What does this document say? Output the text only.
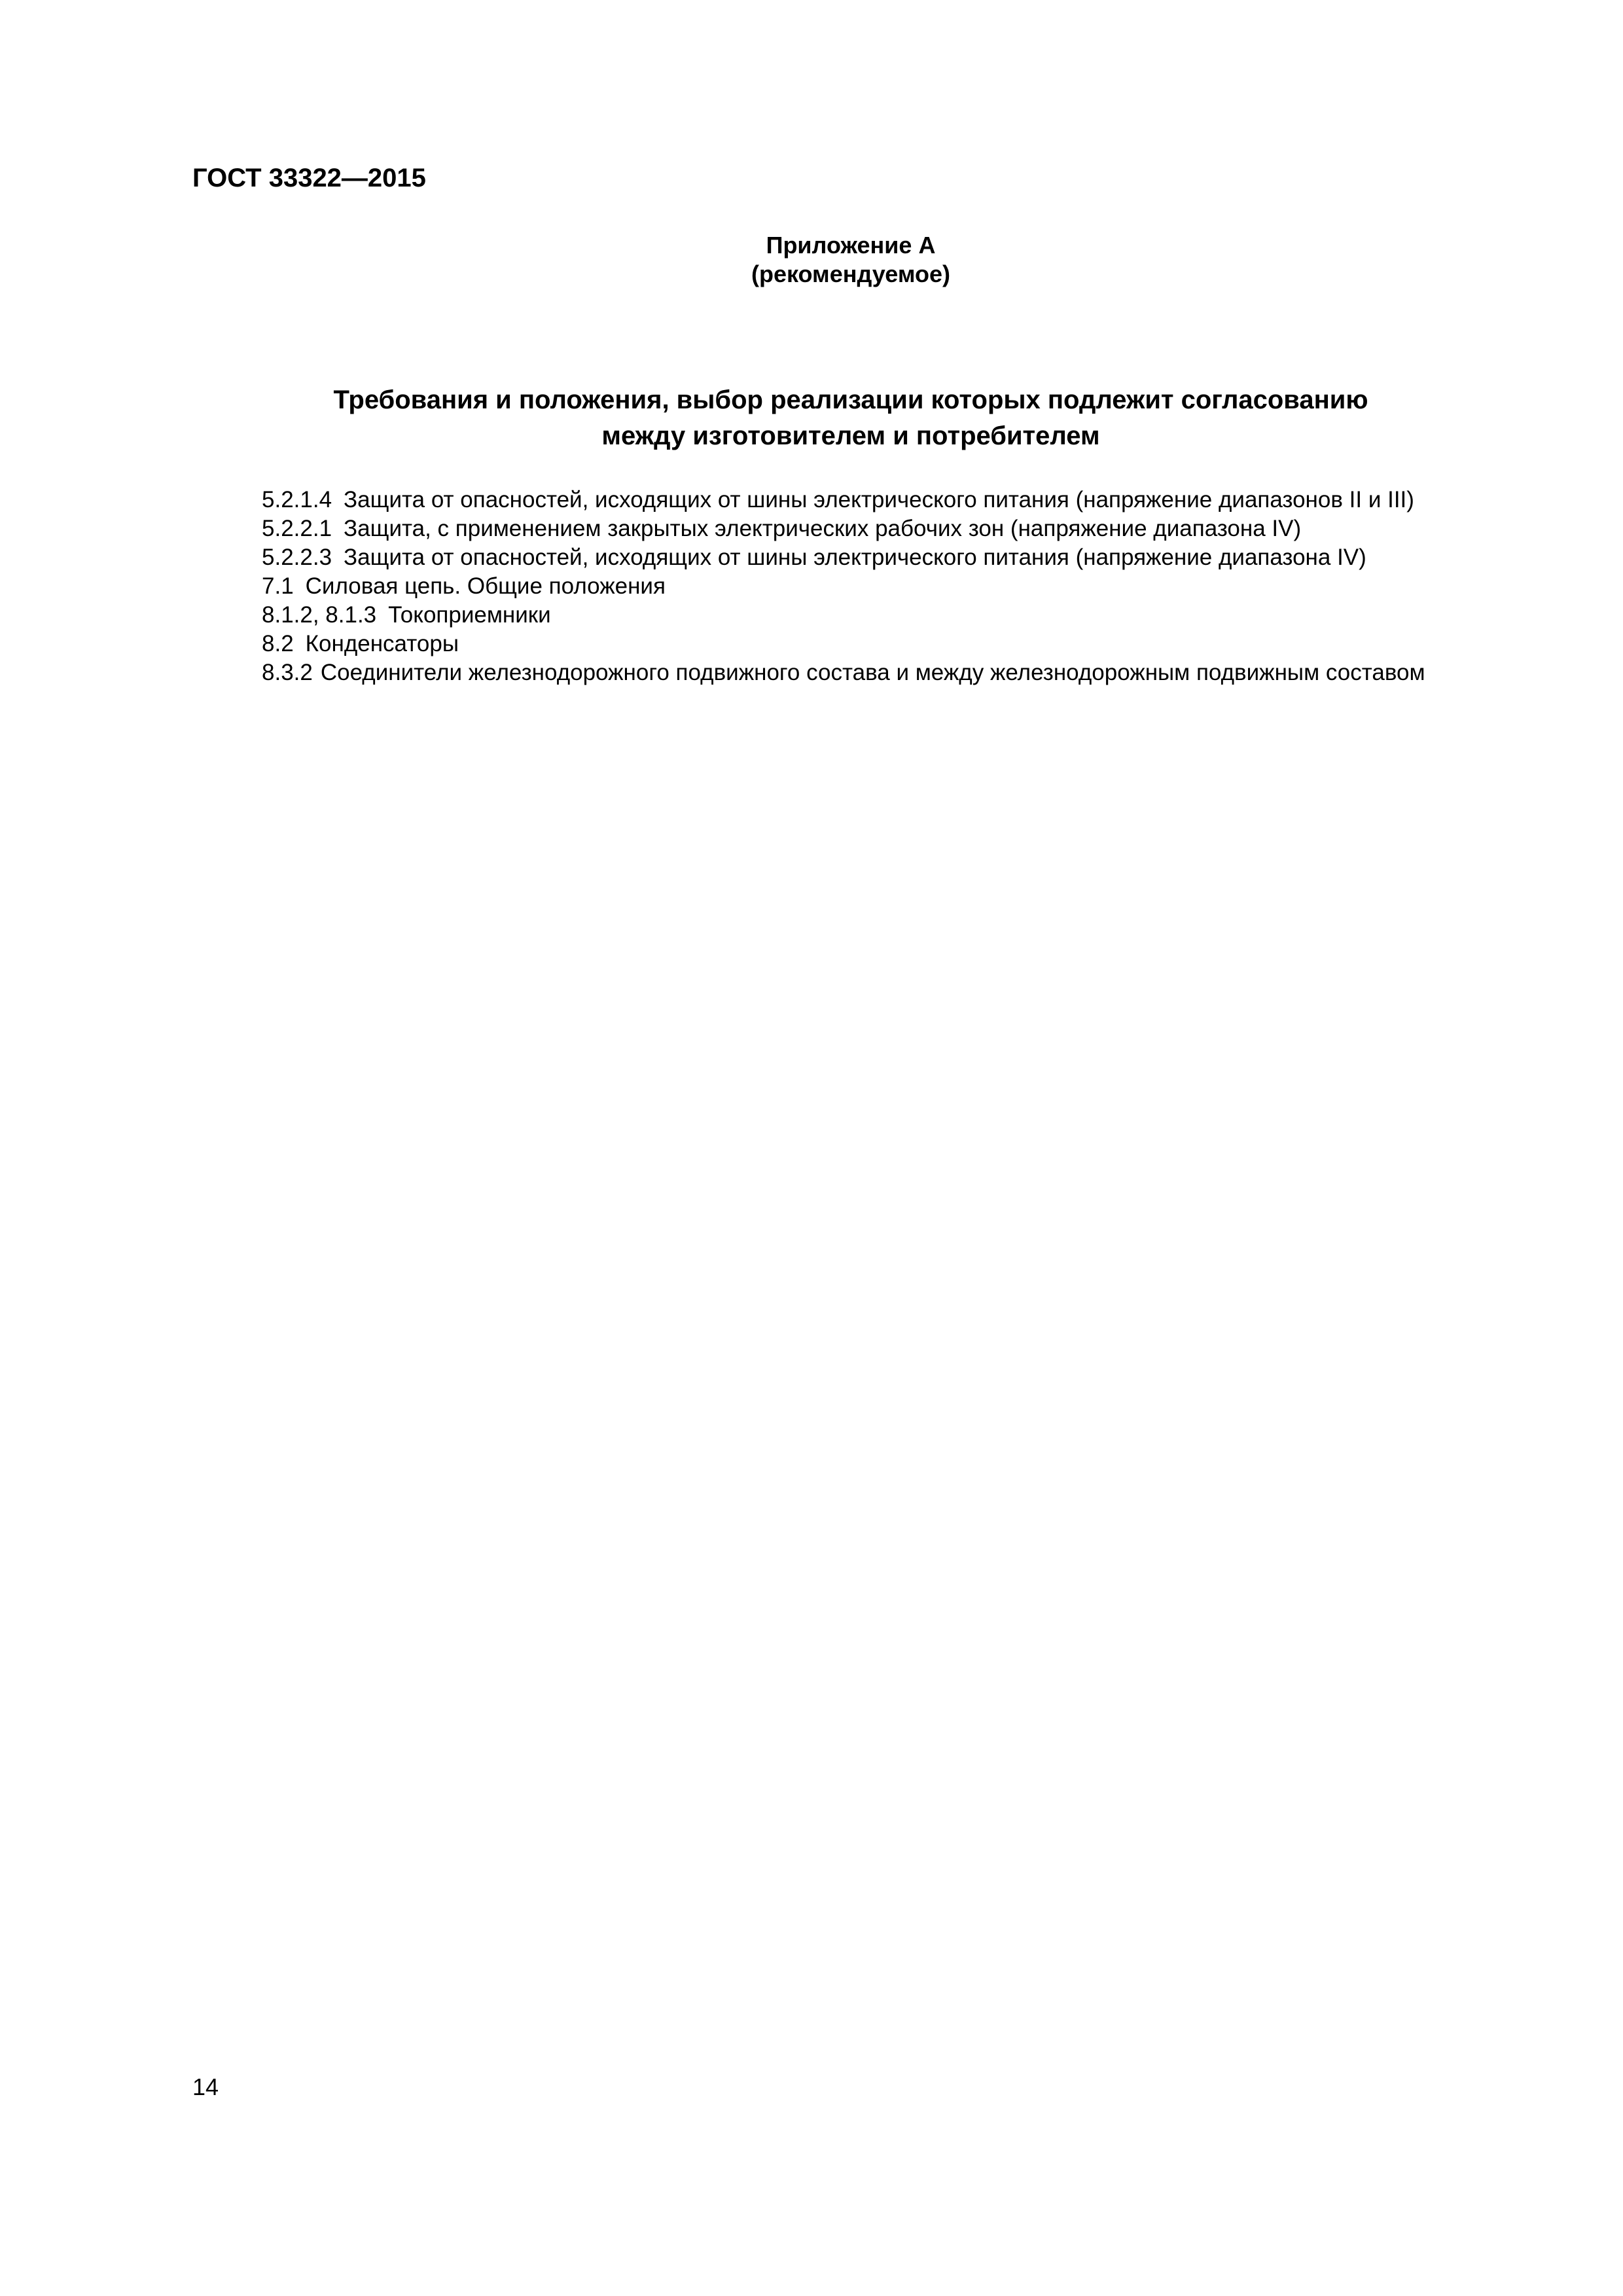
ГОСТ 33322—2015
Приложение А
(рекомендуемое)
Требования и положения, выбор реализации которых подлежит согласованию
между изготовителем и потребителем
5.2.1.4 Защита от опасностей, исходящих от шины электрического питания (напряжение диапазонов II и III)
5.2.2.1 Защита, с применением закрытых электрических рабочих зон (напряжение диапазона IV)
5.2.2.3 Защита от опасностей, исходящих от шины электрического питания (напряжение диапазона IV)
7.1 Силовая цепь. Общие положения
8.1.2, 8.1.3 Токоприемники
8.2 Конденсаторы
8.3.2 Соединители железнодорожного подвижного состава и между железнодорожным подвижным составом
14
